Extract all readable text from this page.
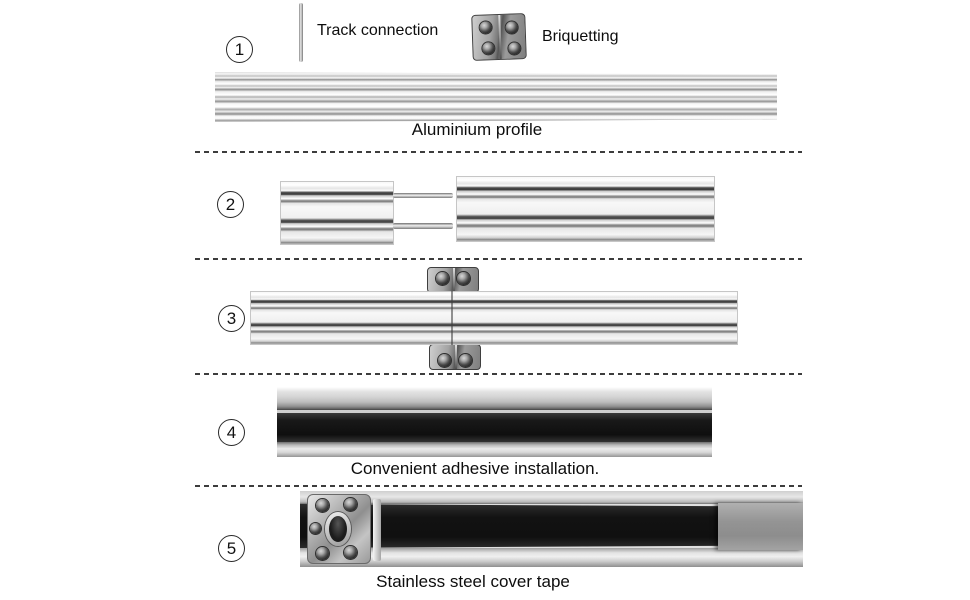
1
Track connection	Briquetting
Aluminium profile
2
3
4
Convenient adhesive installation.
5
Stainless steel cover tape
